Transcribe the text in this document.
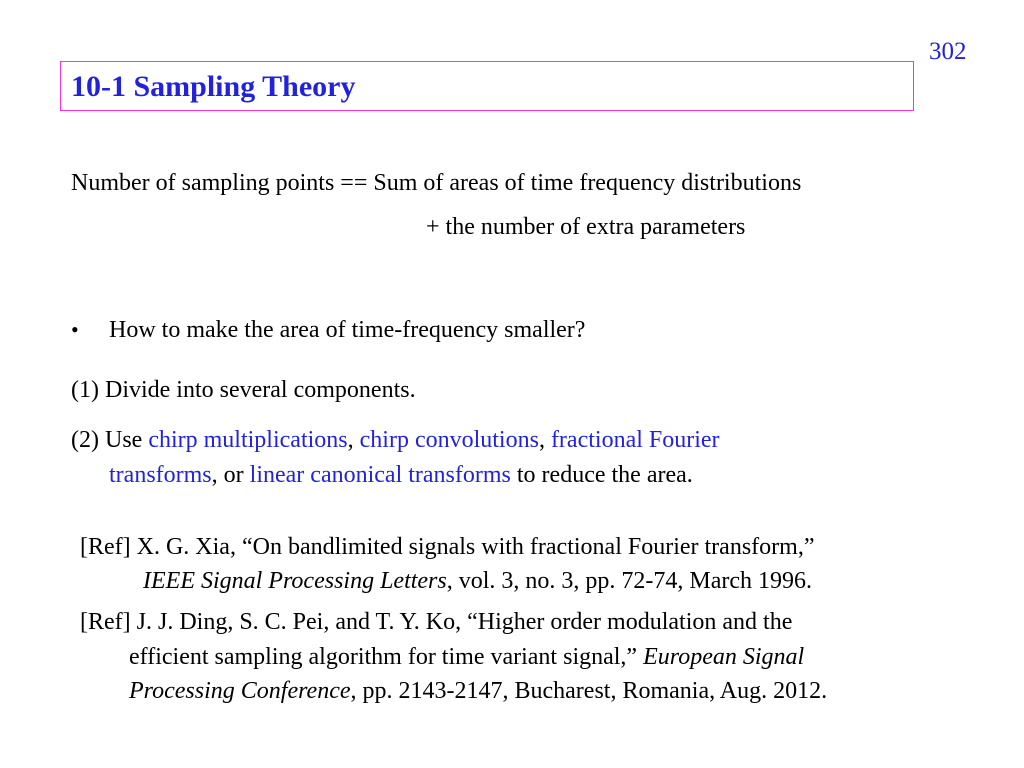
302
10-1 Sampling Theory
Number of sampling points == Sum of areas of time frequency distributions
+ the number of extra parameters
• How to make the area of time-frequency smaller?
(1) Divide into several components.
(2) Use chirp multiplications, chirp convolutions, fractional Fourier
transforms, or linear canonical transforms to reduce the area.
[Ref] X. G. Xia, “On bandlimited signals with fractional Fourier transform,”
IEEE Signal Processing Letters, vol. 3, no. 3, pp. 72-74, March 1996.
[Ref] J. J. Ding, S. C. Pei, and T. Y. Ko, “Higher order modulation and the
efficient sampling algorithm for time variant signal,” European Signal
Processing Conference, pp. 2143-2147, Bucharest, Romania, Aug. 2012.
